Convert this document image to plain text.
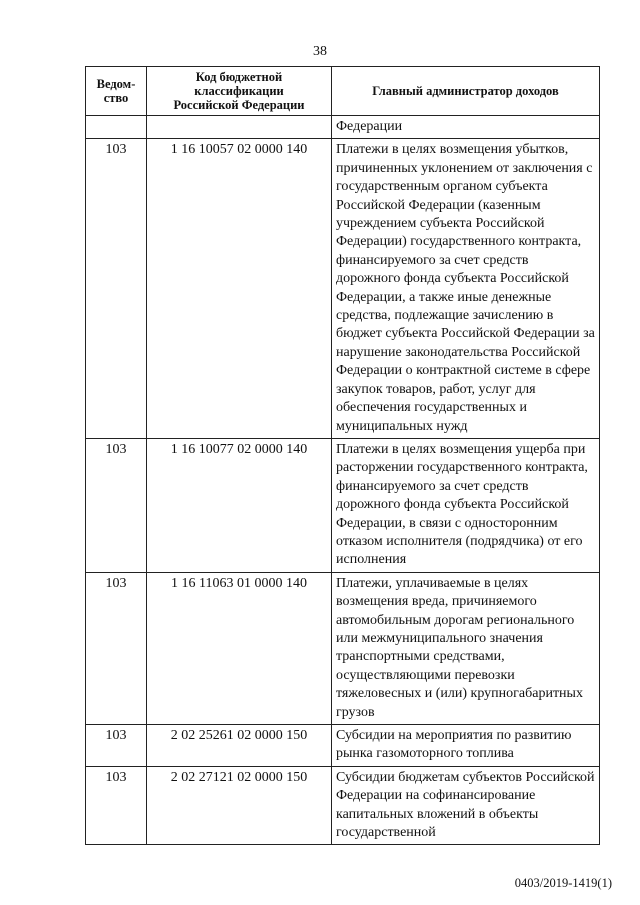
38
Ведом-
ство	Код бюджетной
классификации
Российской Федерации	Главный администратор доходов
		Федерации
103	1 16 10057 02 0000 140	Платежи в целях возмещения убытков, причиненных уклонением от заключения с государственным органом субъекта Российской Федерации (казенным учреждением субъекта Российской Федерации) государственного контракта, финансируемого за счет средств дорожного фонда субъекта Российской Федерации, а также иные денежные средства, подлежащие зачислению в бюджет субъекта Российской Федерации за нарушение законодательства Российской Федерации о контрактной системе в сфере закупок товаров, работ, услуг для обеспечения государственных и муниципальных нужд
103	1 16 10077 02 0000 140	Платежи в целях возмещения ущерба при расторжении государственного контракта, финансируемого за счет средств дорожного фонда субъекта Российской Федерации, в связи с односторонним отказом исполнителя (подрядчика) от его исполнения
103	1 16 11063 01 0000 140	Платежи, уплачиваемые в целях возмещения вреда, причиняемого автомобильным дорогам регионального или межмуниципального значения транспортными средствами, осуществляющими перевозки тяжеловесных и (или) крупногабаритных грузов
103	2 02 25261 02 0000 150	Субсидии на мероприятия по развитию рынка газомоторного топлива
103	2 02 27121 02 0000 150	Субсидии бюджетам субъектов Российской Федерации на софинансирование капитальных вложений в объекты государственной
0403/2019-1419(1)
